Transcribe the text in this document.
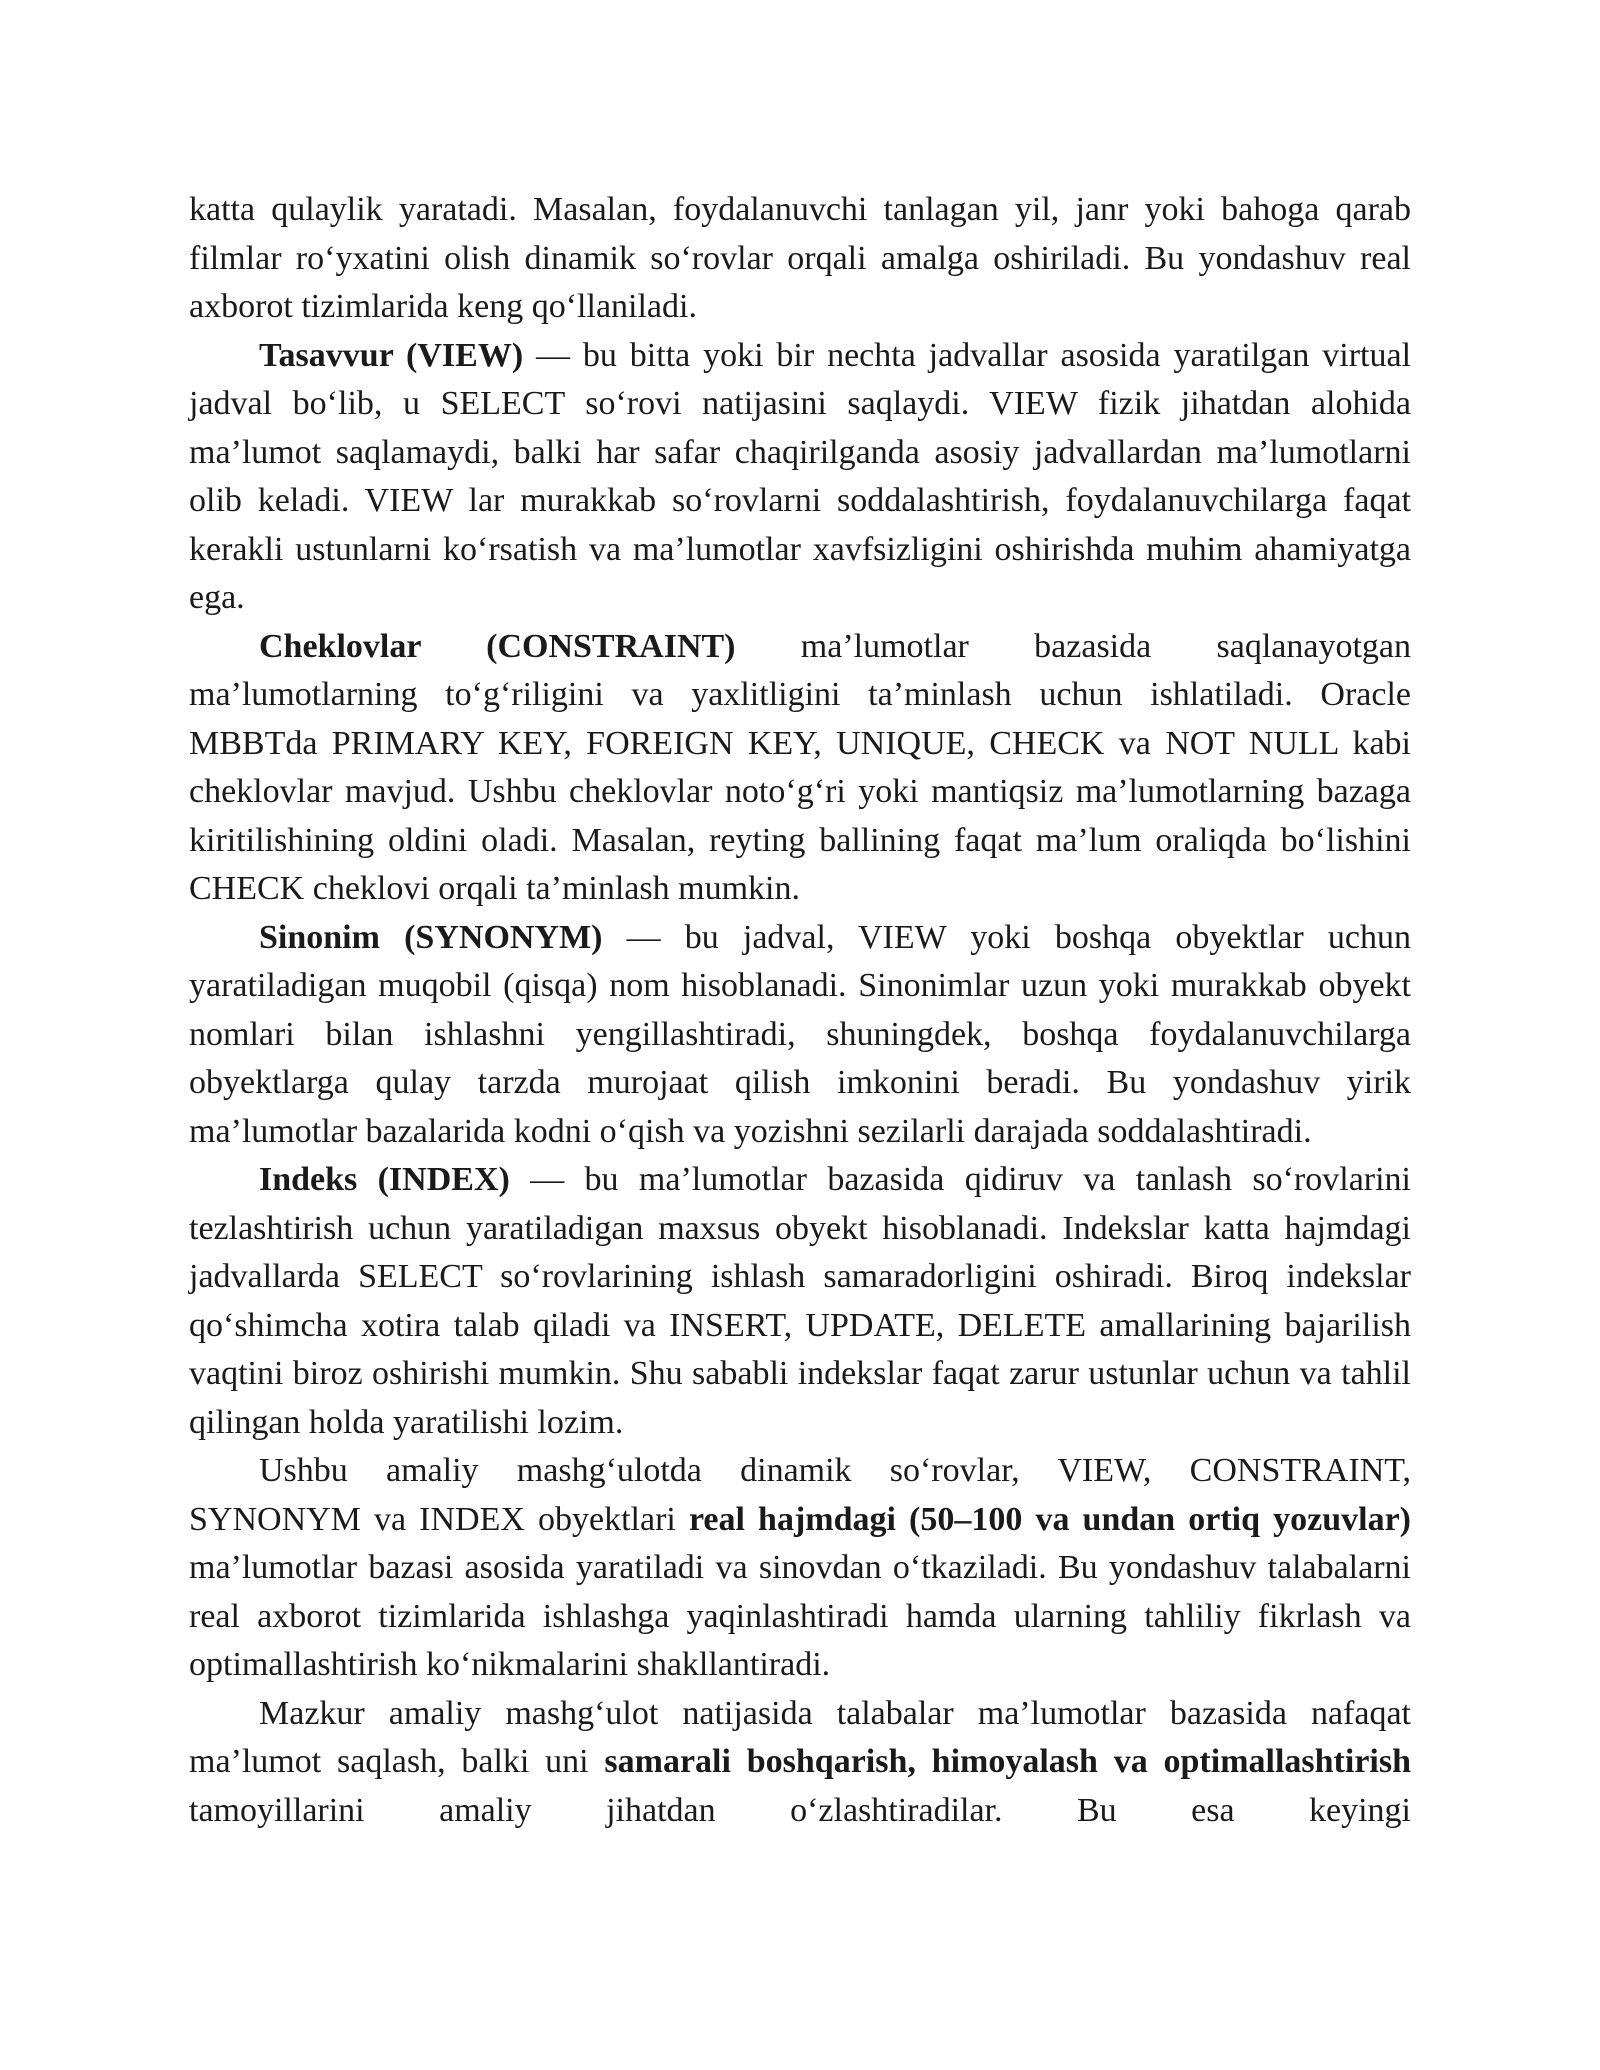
katta qulaylik yaratadi. Masalan, foydalanuvchi tanlagan yil, janr yoki bahoga qarab filmlar ro‘yxatini olish dinamik so‘rovlar orqali amalga oshiriladi. Bu yondashuv real axborot tizimlarida keng qo‘llaniladi.

Tasavvur (VIEW) — bu bitta yoki bir nechta jadvallar asosida yaratilgan virtual jadval bo‘lib, u SELECT so‘rovi natijasini saqlaydi. VIEW fizik jihatdan alohida ma’lumot saqlamaydi, balki har safar chaqirilganda asosiy jadvallardan ma’lumotlarni olib keladi. VIEW lar murakkab so‘rovlarni soddalashtirish, foydalanuvchilarga faqat kerakli ustunlarni ko‘rsatish va ma’lumotlar xavfsizligini oshirishda muhim ahamiyatga ega.

Cheklovlar (CONSTRAINT) ma’lumotlar bazasida saqlanayotgan ma’lumotlarning to‘g‘riligini va yaxlitligini ta’minlash uchun ishlatiladi. Oracle MBBTda PRIMARY KEY, FOREIGN KEY, UNIQUE, CHECK va NOT NULL kabi cheklovlar mavjud. Ushbu cheklovlar noto‘g‘ri yoki mantiqsiz ma’lumotlarning bazaga kiritilishining oldini oladi. Masalan, reyting ballining faqat ma’lum oraliqda bo‘lishini CHECK cheklovi orqali ta’minlash mumkin.

Sinonim (SYNONYM) — bu jadval, VIEW yoki boshqa obyektlar uchun yaratiladigan muqobil (qisqa) nom hisoblanadi. Sinonimlar uzun yoki murakkab obyekt nomlari bilan ishlashni yengillashtiradi, shuningdek, boshqa foydalanuvchilarga obyektlarga qulay tarzda murojaat qilish imkonini beradi. Bu yondashuv yirik ma’lumotlar bazalarida kodni o‘qish va yozishni sezilarli darajada soddalashtiradi.

Indeks (INDEX) — bu ma’lumotlar bazasida qidiruv va tanlash so‘rovlarini tezlashtirish uchun yaratiladigan maxsus obyekt hisoblanadi. Indekslar katta hajmdagi jadvallarda SELECT so‘rovlarining ishlash samaradorligini oshiradi. Biroq indekslar qo‘shimcha xotira talab qiladi va INSERT, UPDATE, DELETE amallarining bajarilish vaqtini biroz oshirishi mumkin. Shu sababli indekslar faqat zarur ustunlar uchun va tahlil qilingan holda yaratilishi lozim.

Ushbu amaliy mashg‘ulotda dinamik so‘rovlar, VIEW, CONSTRAINT, SYNONYM va INDEX obyektlari real hajmdagi (50–100 va undan ortiq yozuvlar) ma’lumotlar bazasi asosida yaratiladi va sinovdan o‘tkaziladi. Bu yondashuv talabalarni real axborot tizimlarida ishlashga yaqinlashtiradi hamda ularning tahliliy fikrlash va optimallashtirish ko‘nikmalarini shakllantiradi.

Mazkur amaliy mashg‘ulot natijasida talabalar ma’lumotlar bazasida nafaqat ma’lumot saqlash, balki uni samarali boshqarish, himoyalash va optimallashtirish tamoyillarini amaliy jihatdan o‘zlashtiradilar. Bu esa keyingi
